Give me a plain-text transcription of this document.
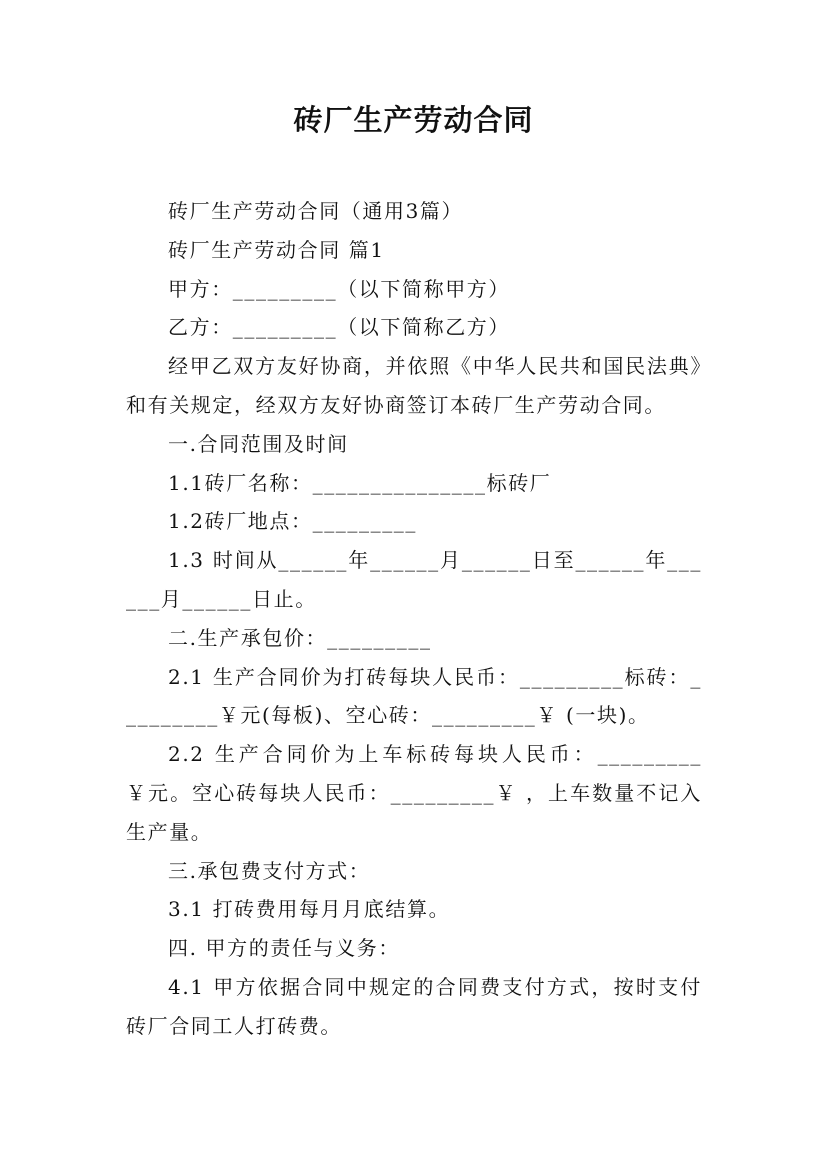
砖厂生产劳动合同

砖厂生产劳动合同（通用3篇）

砖厂生产劳动合同 篇1

甲方：_________（以下简称甲方）

乙方：_________（以下简称乙方）

经甲乙双方友好协商，并依照《中华人民共和国民法典》和有关规定，经双方友好协商签订本砖厂生产劳动合同。

一.合同范围及时间

1.1砖厂名称：_______________标砖厂

1.2砖厂地点：_________

1.3 时间从______年______月______日至______年______月______日止。

二.生产承包价：_________

2.1 生产合同价为打砖每块人民币：_________标砖：_________￥元(每板)、空心砖：_________￥ (一块)。

2.2 生产合同价为上车标砖每块人民币：_________￥元。空心砖每块人民币：_________￥ ，上车数量不记入生产量。

三.承包费支付方式：

3.1 打砖费用每月月底结算。

四. 甲方的责任与义务：

4.1 甲方依据合同中规定的合同费支付方式，按时支付砖厂合同工人打砖费。
